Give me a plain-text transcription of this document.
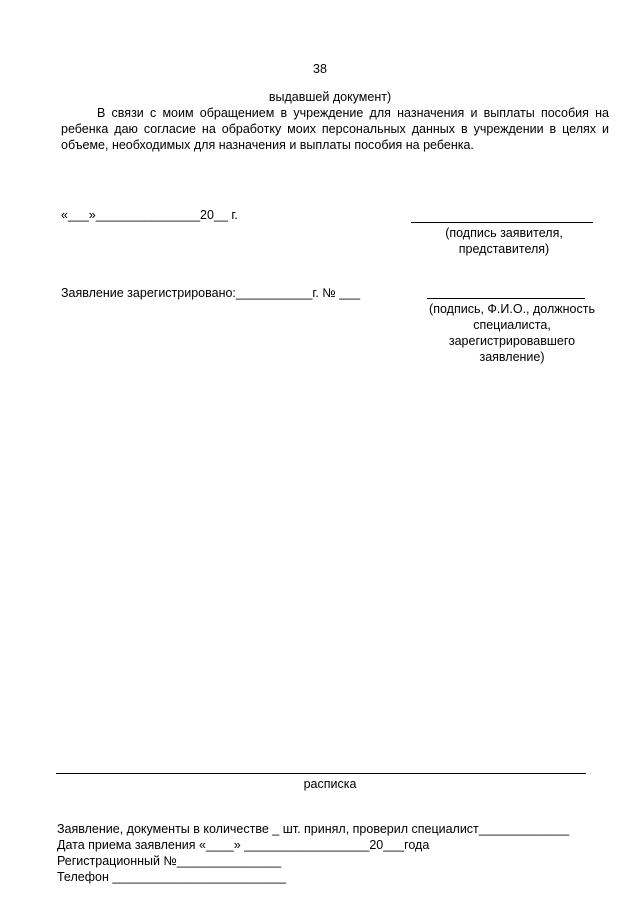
38
выдавшей документ)
В связи с моим обращением в учреждение для назначения и выплаты пособия на ребенка даю согласие на обработку моих персональных данных в учреждении в целях и объеме, необходимых для назначения и выплаты пособия на ребенка.
«___»_______________20__ г.
(подпись заявителя, представителя)
Заявление зарегистрировано:___________г. № ___
(подпись, Ф.И.О., должность специалиста, зарегистрировавшего заявление)
расписка
Заявление, документы в количестве _ шт. принял, проверил специалист_____________
Дата приема заявления «____» __________________20___года
Регистрационный №_______________
Телефон _________________________
